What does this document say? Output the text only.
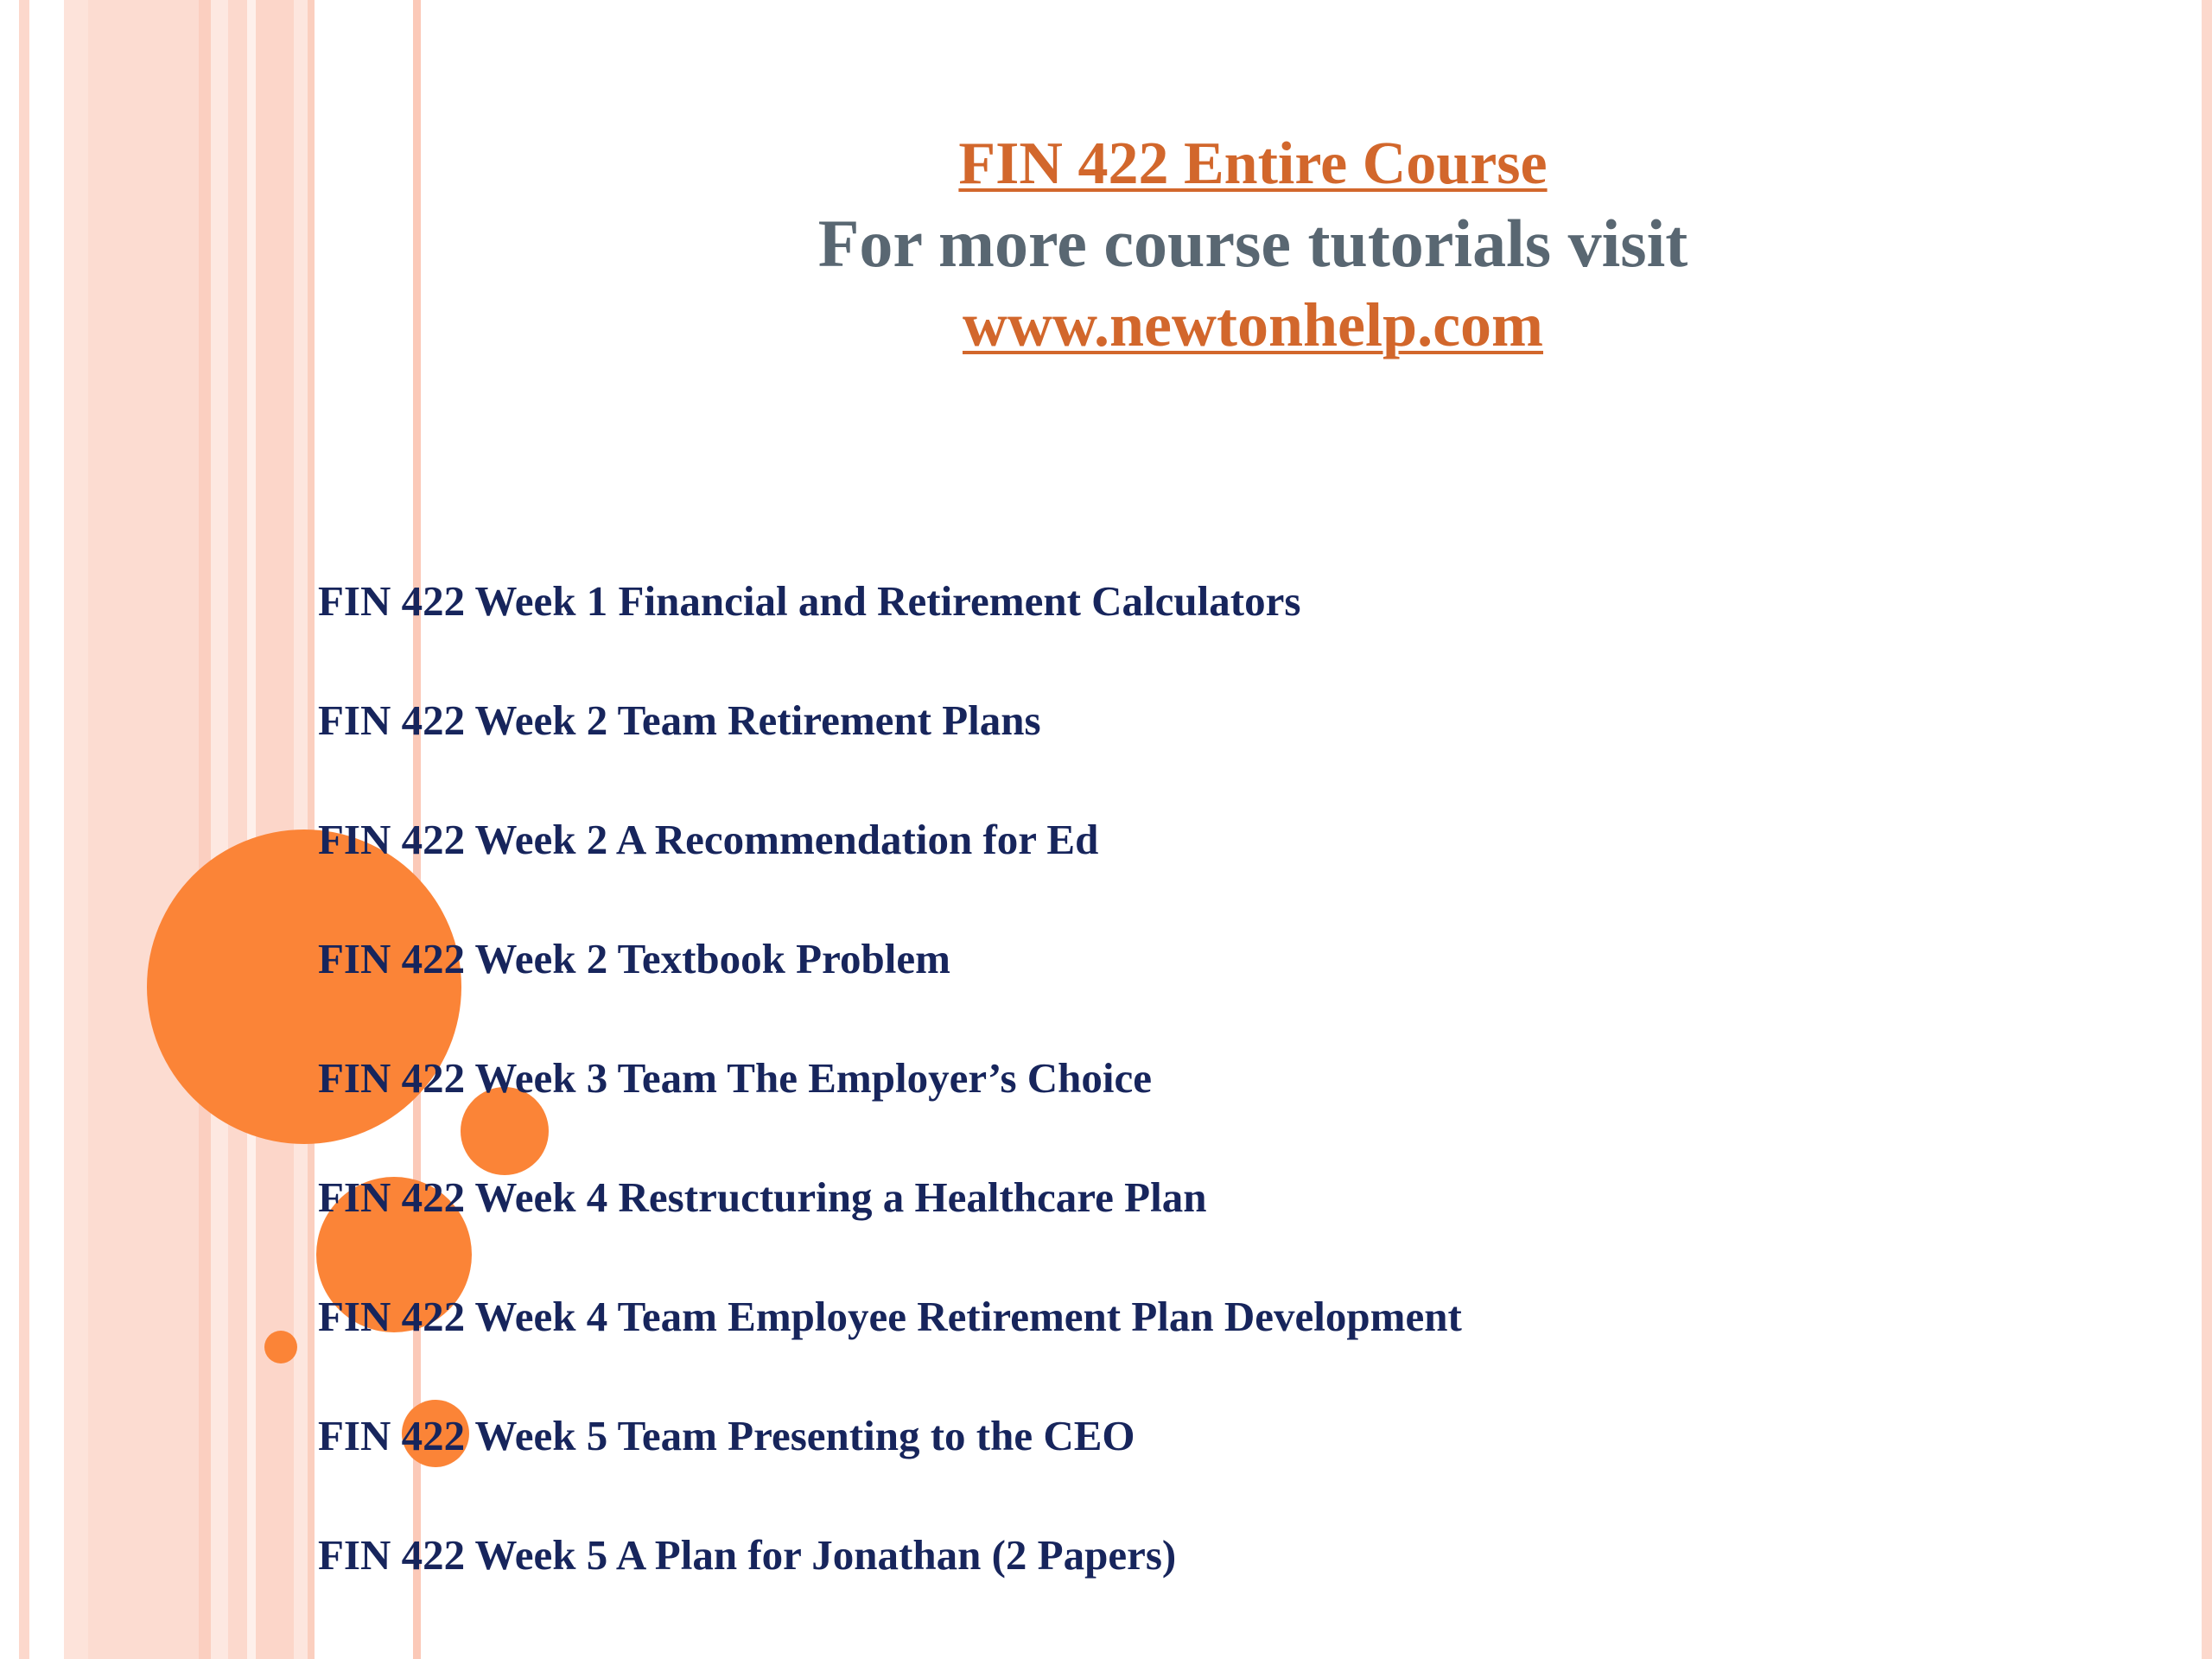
FIN 422 Entire Course
For more course tutorials visit
www.newtonhelp.com
FIN 422 Week 1 Financial and Retirement Calculators
FIN 422 Week 2 Team Retirement Plans
FIN 422 Week 2 A Recommendation for Ed
FIN 422 Week 2 Textbook Problem
FIN 422 Week 3 Team The Employer’s Choice
FIN 422 Week 4 Restructuring a Healthcare Plan
FIN 422 Week 4 Team Employee Retirement Plan Development
FIN 422 Week 5 Team Presenting to the CEO
FIN 422 Week 5 A Plan for Jonathan (2 Papers)
